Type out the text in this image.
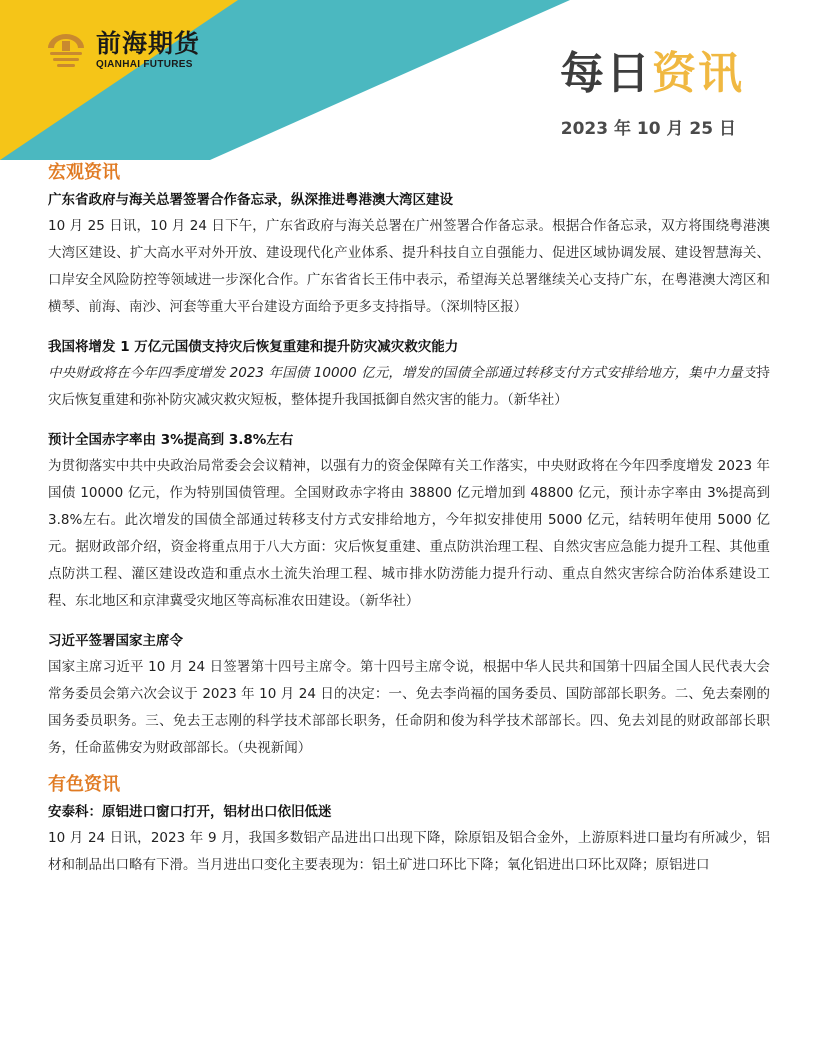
前海期货
QIANHAI FUTURES	每日资讯
2023 年 10 月 25 日
宏观资讯

广东省政府与海关总署签署合作备忘录，纵深推进粤港澳大湾区建设

10 月 25 日讯，10 月 24 日下午，广东省政府与海关总署在广州签署合作备忘录。根据合作备忘录，双方将围绕粤港澳大湾区建设、扩大高水平对外开放、建设现代化产业体系、提升科技自立自强能力、促进区域协调发展、建设智慧海关、口岸安全风险防控等领域进一步深化合作。广东省省长王伟中表示，希望海关总署继续关心支持广东，在粤港澳大湾区和横琴、前海、南沙、河套等重大平台建设方面给予更多支持指导。（深圳特区报）

我国将增发 1 万亿元国债支持灾后恢复重建和提升防灾减灾救灾能力

中央财政将在今年四季度增发 2023 年国债 10000 亿元，增发的国债全部通过转移支付方式安排给地方，集中力量支持灾后恢复重建和弥补防灾减灾救灾短板，整体提升我国抵御自然灾害的能力。（新华社）

预计全国赤字率由 3%提高到 3.8%左右

为贯彻落实中共中央政治局常委会会议精神，以强有力的资金保障有关工作落实，中央财政将在今年四季度增发 2023 年国债 10000 亿元，作为特别国债管理。全国财政赤字将由 38800 亿元增加到 48800 亿元，预计赤字率由 3%提高到 3.8%左右。此次增发的国债全部通过转移支付方式安排给地方，今年拟安排使用 5000 亿元，结转明年使用 5000 亿元。据财政部介绍，资金将重点用于八大方面：灾后恢复重建、重点防洪治理工程、自然灾害应急能力提升工程、其他重点防洪工程、灌区建设改造和重点水土流失治理工程、城市排水防涝能力提升行动、重点自然灾害综合防治体系建设工程、东北地区和京津冀受灾地区等高标准农田建设。（新华社）

习近平签署国家主席令

国家主席习近平 10 月 24 日签署第十四号主席令。第十四号主席令说，根据中华人民共和国第十四届全国人民代表大会常务委员会第六次会议于 2023 年 10 月 24 日的决定：一、免去李尚福的国务委员、国防部部长职务。二、免去秦刚的国务委员职务。三、免去王志刚的科学技术部部长职务，任命阴和俊为科学技术部部长。四、免去刘昆的财政部部长职务，任命蓝佛安为财政部部长。（央视新闻）

有色资讯

安泰科：原铝进口窗口打开，铝材出口依旧低迷

10 月 24 日讯，2023 年 9 月，我国多数铝产品进出口出现下降，除原铝及铝合金外，上游原料进口量均有所减少，铝材和制品出口略有下滑。当月进出口变化主要表现为：铝土矿进口环比下降；氧化铝进出口环比双降；原铝进口
